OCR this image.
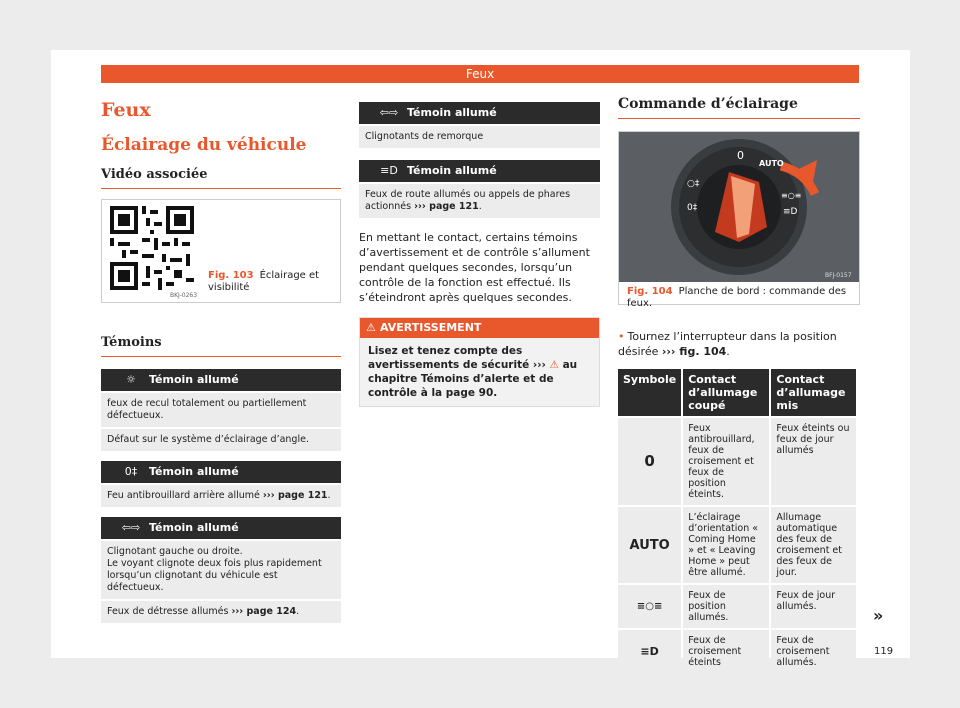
Feux
Feux
Éclairage du véhicule
Vidéo associée
BKJ-0263
Fig. 103 Éclairage et visibilité
Témoins
☼	Témoin allumé
feux de recul totalement ou partiellement défectueux.
Défaut sur le système d’éclairage d’angle.
0‡	Témoin allumé
Feu antibrouillard arrière allumé ››› page 121.
⇦⇨ Témoin allumé
Clignotant gauche ou droite.
Le voyant clignote deux fois plus rapidement lorsqu’un clignotant du véhicule est défectueux.
Feux de détresse allumés ››› page 124.
⇦⇨ Témoin allumé
Clignotants de remorque
≡D Témoin allumé
Feux de route allumés ou appels de phares actionnés ››› page 121.

En mettant le contact, certains témoins d’avertissement et de contrôle s’allument pendant quelques secondes, lorsqu’un contrôle de la fonction est effectué. Ils s’éteindront après quelques secondes.

⚠ AVERTISSEMENT
Lisez et tenez compte des avertissements de sécurité ››› ⚠ au chapitre Témoins d’alerte et de contrôle à la page 90.
Commande d’éclairage
0
AUTO
○‡
0‡
≡○≡
≡D
BFJ-0157
Fig. 104 Planche de bord : commande des feux.
• Tournez l’interrupteur dans la position désirée ››› fig. 104.
Symbole	Contact d’allumage coupé	Contact d’allumage mis
0	Feux antibrouillard, feux de croisement et feux de position éteints.	Feux éteints ou feux de jour allumés
AUTO	L’éclairage d’orientation « Coming Home » et « Leaving Home » peut être allumé.	Allumage automatique des feux de croisement et des feux de jour.
≡○≡	Feux de position allumés.	Feux de jour allumés.
≡D	Feux de croisement éteints	Feux de croisement allumés.
»
119
